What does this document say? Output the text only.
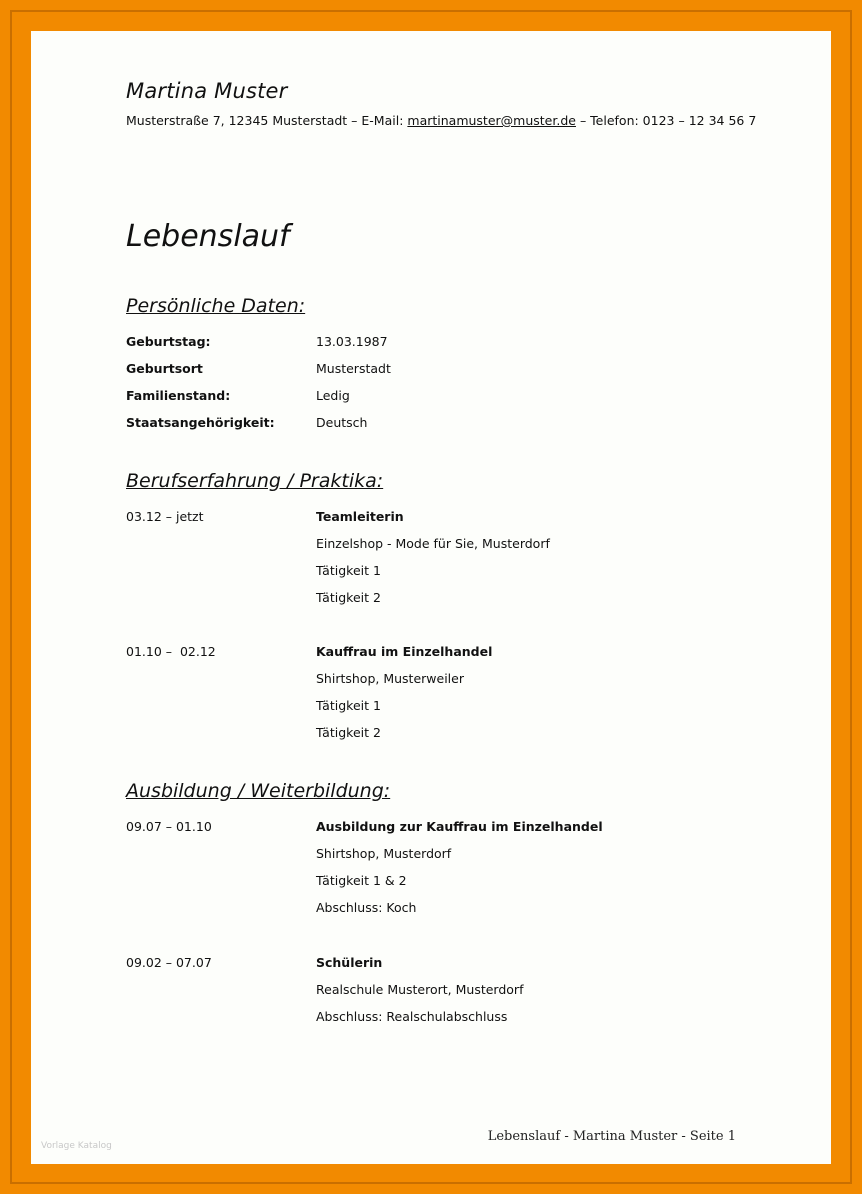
Martina Muster
Musterstraße 7, 12345 Musterstadt – E-Mail: martinamuster@muster.de – Telefon: 0123 – 12 34 56 7
Lebenslauf
Persönliche Daten:
Geburtstag:	13.03.1987
Geburtsort	Musterstadt
Familienstand:	Ledig
Staatsangehörigkeit:	Deutsch
Berufserfahrung / Praktika:
03.12 – jetzt	Teamleiterin
Einzelshop - Mode für Sie, Musterdorf
Tätigkeit 1
Tätigkeit 2
01.10 –  02.12	Kauffrau im Einzelhandel
Shirtshop, Musterweiler
Tätigkeit 1
Tätigkeit 2
Ausbildung / Weiterbildung:
09.07 – 01.10	Ausbildung zur Kauffrau im Einzelhandel
Shirtshop, Musterdorf
Tätigkeit 1 & 2
Abschluss: Koch
09.02 – 07.07	Schülerin
Realschule Musterort, Musterdorf
Abschluss: Realschulabschluss
Lebenslauf - Martina Muster - Seite 1
Vorlage Katalog
